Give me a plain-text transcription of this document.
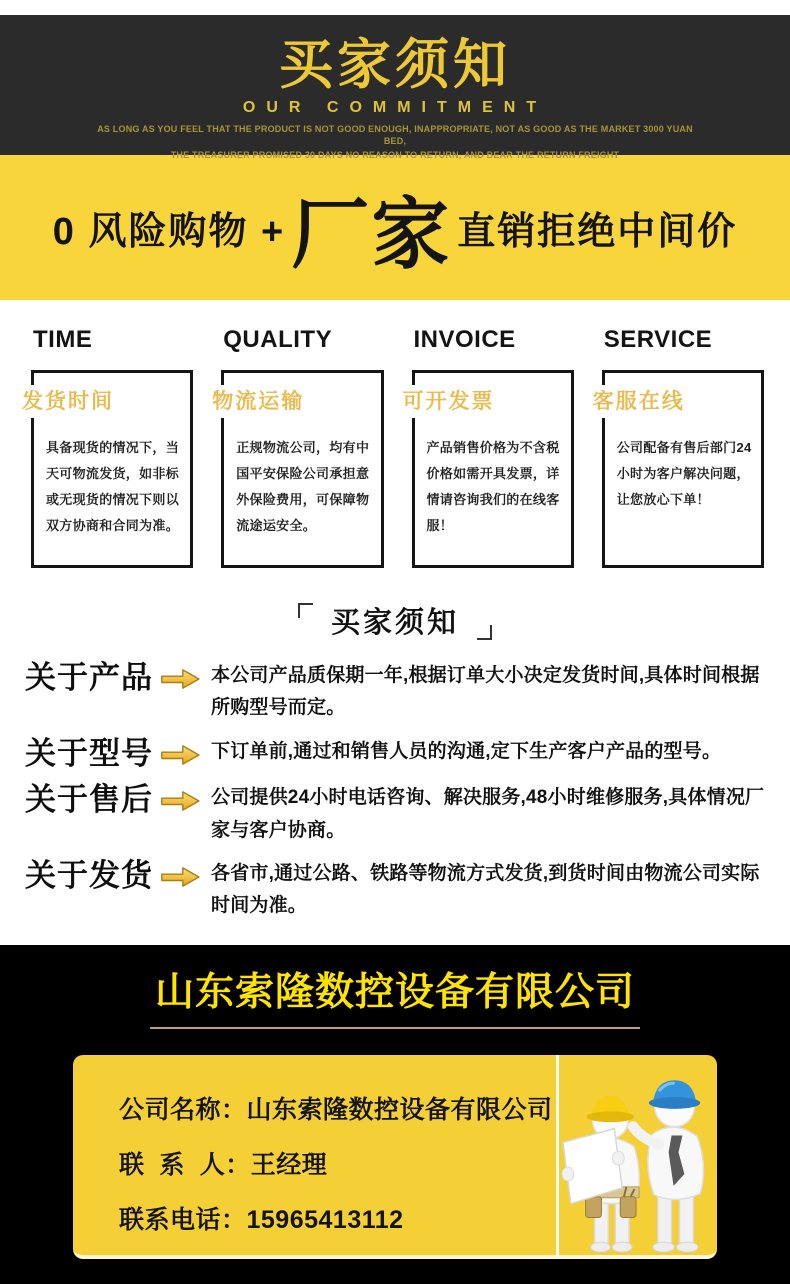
买家须知
OUR COMMITMENT

AS LONG AS YOU FEEL THAT THE PRODUCT IS NOT GOOD ENOUGH, INAPPROPRIATE, NOT AS GOOD AS THE MARKET 3000 YUAN BED,

THE TREASURER PROMISED 30 DAYS NO REASON TO RETURN, AND BEAR THE RETURN FREIGHT

0 风险购物 + 厂家 直销拒绝中间价
TIME
发货时间

具备现货的情况下，当天可物流发货，如非标或无现货的情况下则以双方协商和合同为准。

QUALITY
物流运输

正规物流公司，均有中国平安保险公司承担意外保险费用，可保障物流途运安全。

INVOICE
可开发票

产品销售价格为不含税价格如需开具发票，详情请咨询我们的在线客服！

SERVICE
客服在线

公司配备有售后部门24小时为客户解决问题，让您放心下单！

买家须知
关于产品	本公司产品质保期一年,根据订单大小决定发货时间,具体时间根据所购型号而定。

关于型号	下订单前,通过和销售人员的沟通,定下生产客户产品的型号。

关于售后	公司提供24小时电话咨询、解决服务,48小时维修服务,具体情况厂家与客户协商。

关于发货	各省市,通过公路、铁路等物流方式发货,到货时间由物流公司实际时间为准。

山东索隆数控设备有限公司

公司名称：山东索隆数控设备有限公司

联  系  人：王经理

联系电话：15965413112
